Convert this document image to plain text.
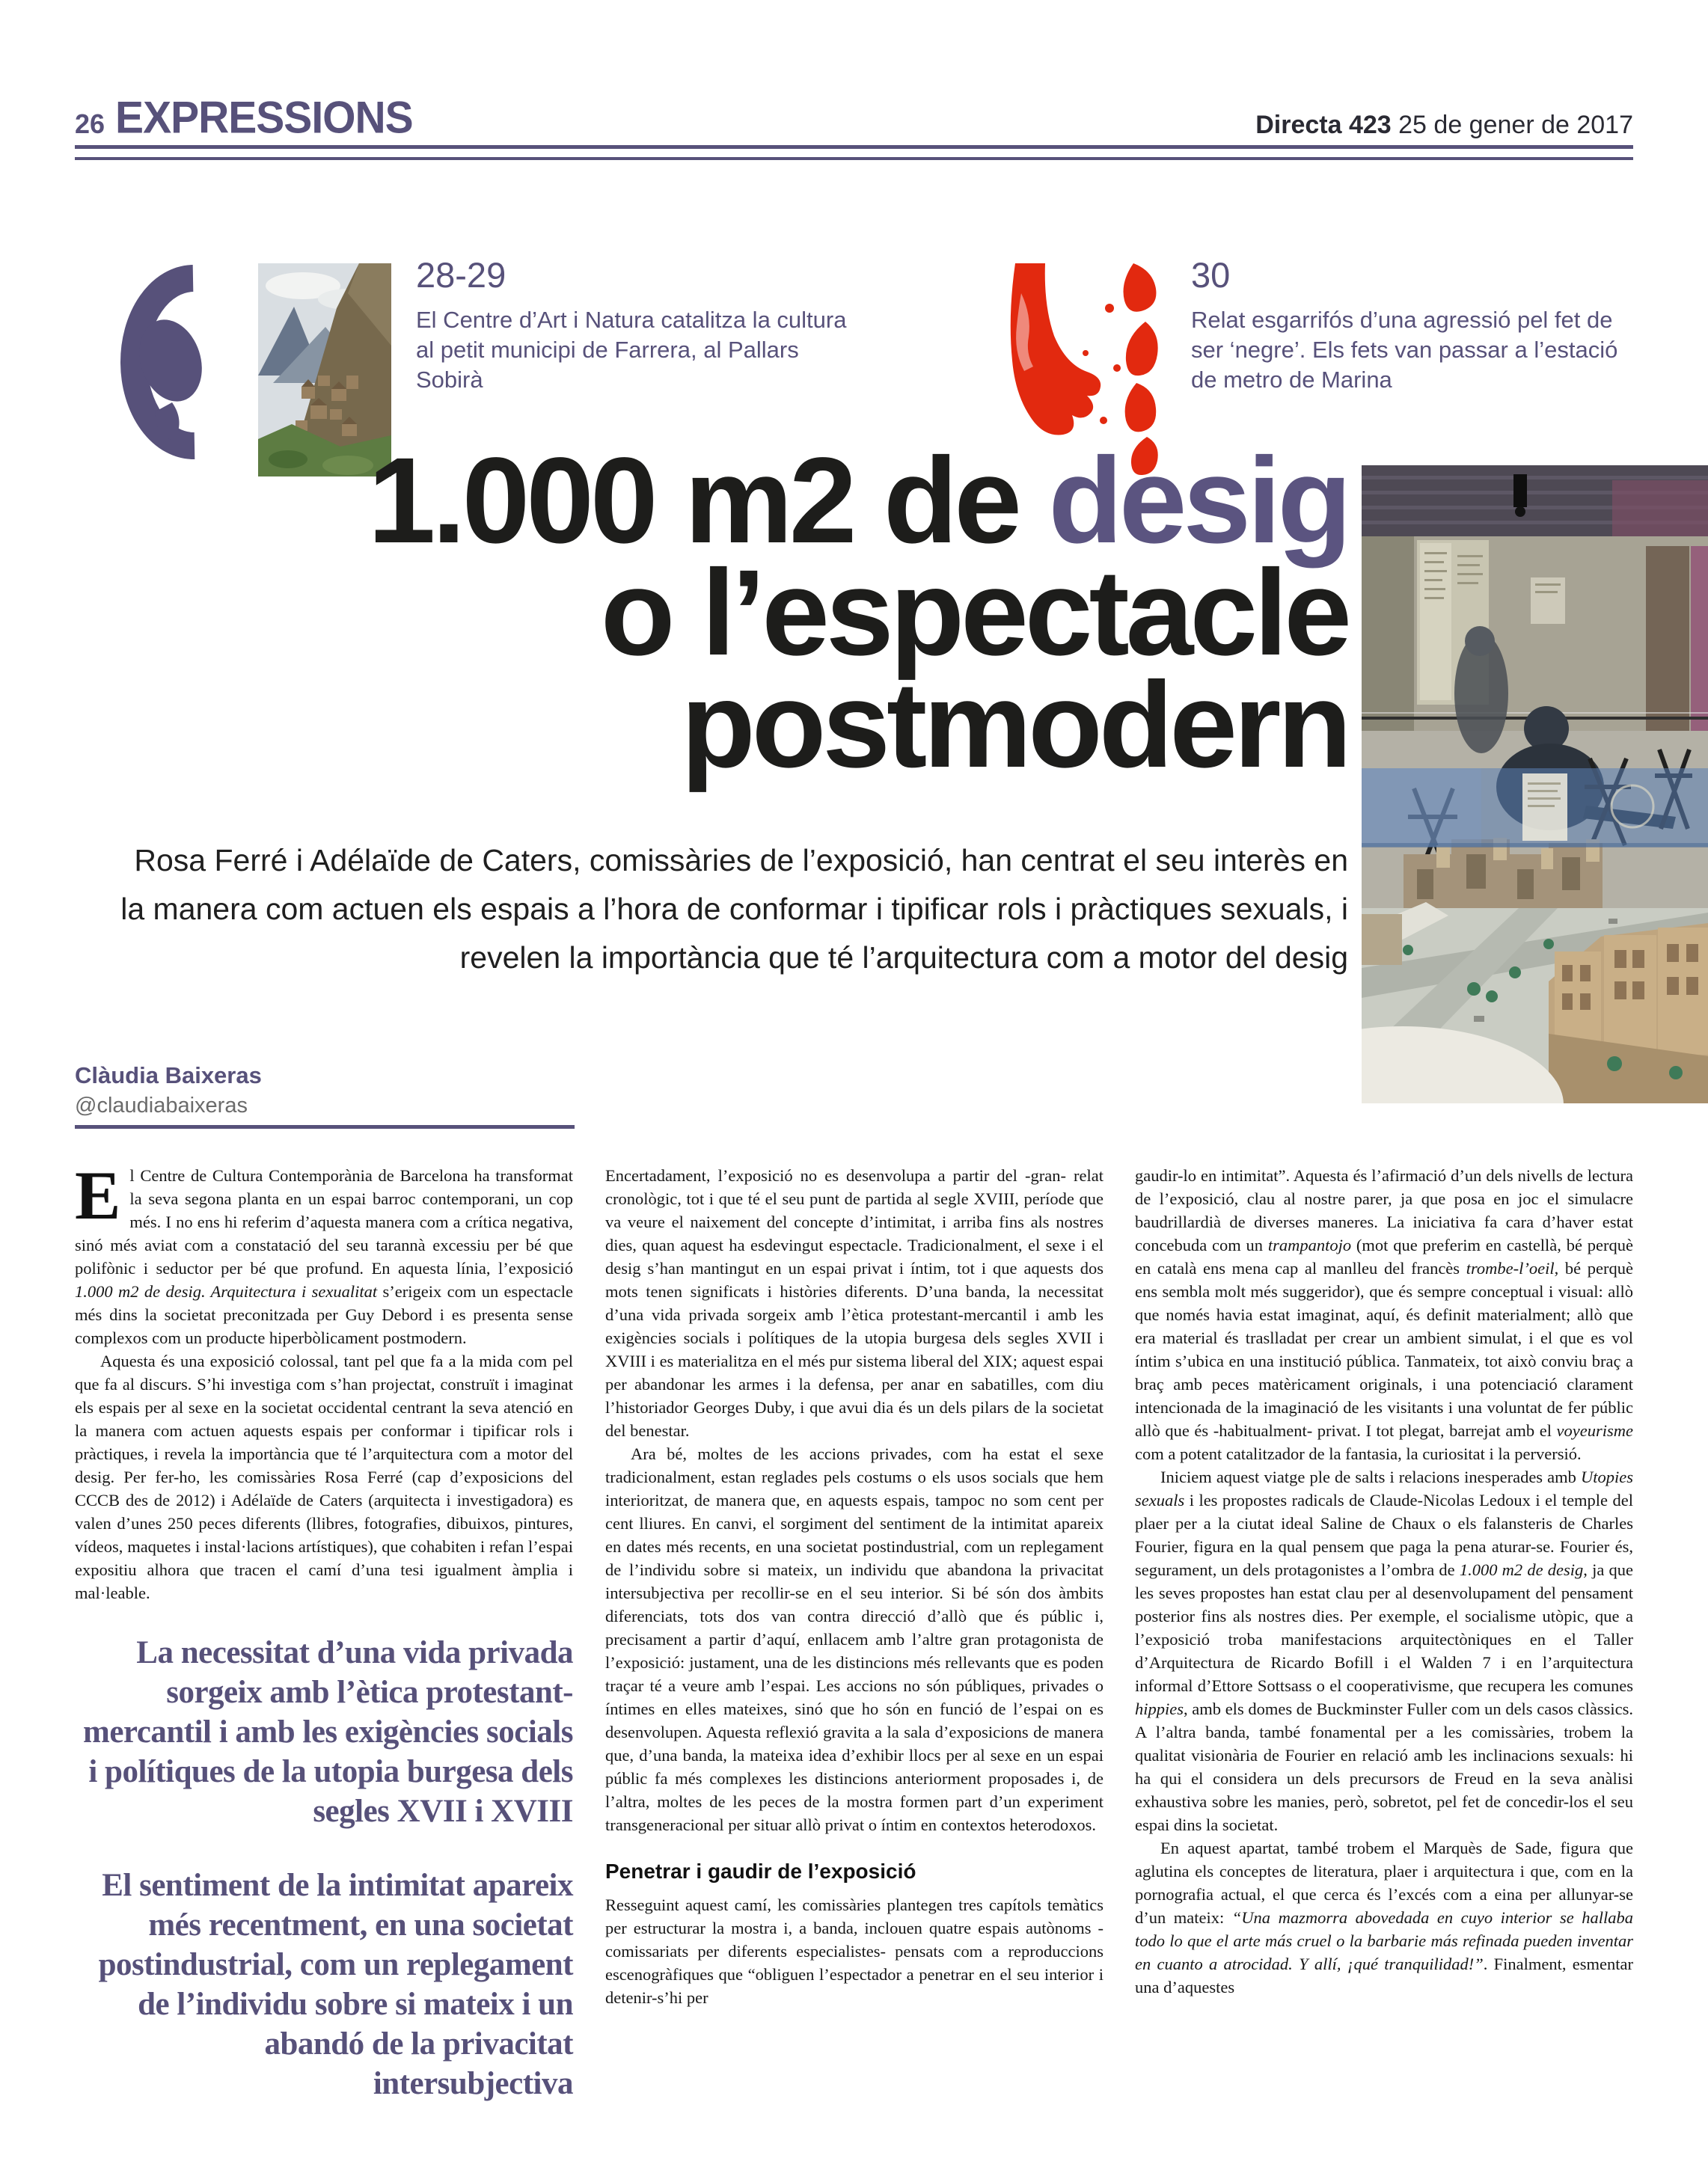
26 EXPRESSIONS	Directa 423 25 de gener de 2017

28-29

El Centre d’Art i Natura catalitza la cultura al petit municipi de Farrera, al Pallars Sobirà

30

Relat esgarrifós d’una agressió pel fet de ser ‘negre’. Els fets van passar a l’estació de metro de Marina

1.000 m2 de desig
o l’espectacle
postmodern

Rosa Ferré i Adélaïde de Caters, comissàries de l’exposició, han centrat el seu interès en la manera com actuen els espais a l’hora de conformar i tipificar rols i pràctiques sexuals, i revelen la importància que té l’arquitectura com a motor del desig

Clàudia Baixeras

@claudiabaixeras

El Centre de Cultura Contemporània de Barcelona ha transformat la seva segona planta en un espai barroc contemporani, un cop més. I no ens hi referim d’aquesta manera com a crítica negativa, sinó més aviat com a constatació del seu tarannà excessiu per bé que polifònic i seductor per bé que profund. En aquesta línia, l’exposició 1.000 m2 de desig. Arquitectura i sexualitat s’erigeix com un espectacle més dins la societat preconitzada per Guy Debord i es presenta sense complexos com un producte hiperbòlicament postmodern.

Aquesta és una exposició colossal, tant pel que fa a la mida com pel que fa al discurs. S’hi investiga com s’han projectat, construït i imaginat els espais per al sexe en la societat occidental centrant la seva atenció en la manera com actuen aquests espais per conformar i tipificar rols i pràctiques, i revela la importància que té l’arquitectura com a motor del desig. Per fer-ho, les comissàries Rosa Ferré (cap d’exposicions del CCCB des de 2012) i Adélaïde de Caters (arquitecta i investigadora) es valen d’unes 250 peces diferents (llibres, fotografies, dibuixos, pintures, vídeos, maquetes i instal·lacions artístiques), que cohabiten i refan l’espai expositiu alhora que tracen el camí d’una tesi igualment àmplia i mal·leable.

La necessitat d’una vida privada sorgeix amb l’ètica protestant-mercantil i amb les exigències socials i polítiques de la utopia burgesa dels segles XVII i XVIII
El sentiment de la intimitat apareix més recentment, en una societat postindustrial, com un replegament de l’individu sobre si mateix i un abandó de la privacitat intersubjectiva

Encertadament, l’exposició no es desenvolupa a partir del -gran- relat cronològic, tot i que té el seu punt de partida al segle XVIII, període que va veure el naixement del concepte d’intimitat, i arriba fins als nostres dies, quan aquest ha esdevingut espectacle. Tradicionalment, el sexe i el desig s’han mantingut en un espai privat i íntim, tot i que aquests dos mots tenen significats i històries diferents. D’una banda, la necessitat d’una vida privada sorgeix amb l’ètica protestant-mercantil i amb les exigències socials i polítiques de la utopia burgesa dels segles XVII i XVIII i es materialitza en el més pur sistema liberal del XIX; aquest espai per abandonar les armes i la defensa, per anar en sabatilles, com diu l’historiador Georges Duby, i que avui dia és un dels pilars de la societat del benestar.

Ara bé, moltes de les accions privades, com ha estat el sexe tradicionalment, estan reglades pels costums o els usos socials que hem interioritzat, de manera que, en aquests espais, tampoc no som cent per cent lliures. En canvi, el sorgiment del sentiment de la intimitat apareix en dates més recents, en una societat postindustrial, com un replegament de l’individu sobre si mateix, un individu que abandona la privacitat intersubjectiva per recollir-se en el seu interior. Si bé són dos àmbits diferenciats, tots dos van contra direcció d’allò que és públic i, precisament a partir d’aquí, enllacem amb l’altre gran protagonista de l’exposició: justament, una de les distincions més rellevants que es poden traçar té a veure amb l’espai. Les accions no són públiques, privades o íntimes en elles mateixes, sinó que ho són en funció de l’espai on es desenvolupen. Aquesta reflexió gravita a la sala d’exposicions de manera que, d’una banda, la mateixa idea d’exhibir llocs per al sexe en un espai públic fa més complexes les distincions anteriorment proposades i, de l’altra, moltes de les peces de la mostra formen part d’un experiment transgeneracional per situar allò privat o íntim en contextos heterodoxos.

Penetrar i gaudir de l’exposició

Resseguint aquest camí, les comissàries plantegen tres capítols temàtics per estructurar la mostra i, a banda, inclouen quatre espais autònoms -comissariats per diferents especialistes- pensats com a reproduccions escenogràfiques que “obliguen l’espectador a penetrar en el seu interior i detenir-s’hi per

gaudir-lo en intimitat”. Aquesta és l’afirmació d’un dels nivells de lectura de l’exposició, clau al nostre parer, ja que posa en joc el simulacre baudrillardià de diverses maneres. La iniciativa fa cara d’haver estat concebuda com un trampantojo (mot que preferim en castellà, bé perquè en català ens mena cap al manlleu del francès trombe-l’oeil, bé perquè ens sembla molt més suggeridor), que és sempre conceptual i visual: allò que només havia estat imaginat, aquí, és definit materialment; allò que era material és traslladat per crear un ambient simulat, i el que es vol íntim s’ubica en una institució pública. Tanmateix, tot això conviu braç a braç amb peces matèricament originals, i una potenciació clarament intencionada de la imaginació de les visitants i una voluntat de fer públic allò que és -habitualment- privat. I tot plegat, barrejat amb el voyeurisme com a potent catalitzador de la fantasia, la curiositat i la perversió.

Iniciem aquest viatge ple de salts i relacions inesperades amb Utopies sexuals i les propostes radicals de Claude-Nicolas Ledoux i el temple del plaer per a la ciutat ideal Saline de Chaux o els falansteris de Charles Fourier, figura en la qual pensem que paga la pena aturar-se. Fourier és, segurament, un dels protagonistes a l’ombra de 1.000 m2 de desig, ja que les seves propostes han estat clau per al desenvolupament del pensament posterior fins als nostres dies. Per exemple, el socialisme utòpic, que a l’exposició troba manifestacions arquitectòniques en el Taller d’Arquitectura de Ricardo Bofill i el Walden 7 i en l’arquitectura informal d’Ettore Sottsass o el cooperativisme, que recupera les comunes hippies, amb els domes de Buckminster Fuller com un dels casos clàssics. A l’altra banda, també fonamental per a les comissàries, trobem la qualitat visionària de Fourier en relació amb les inclinacions sexuals: hi ha qui el considera un dels precursors de Freud en la seva anàlisi exhaustiva sobre les manies, però, sobretot, pel fet de concedir-los el seu espai dins la societat.

En aquest apartat, també trobem el Marquès de Sade, figura que aglutina els conceptes de literatura, plaer i arquitectura i que, com en la pornografia actual, el que cerca és l’excés com a eina per allunyar-se d’un mateix: “Una mazmorra abovedada en cuyo interior se hallaba todo lo que el arte más cruel o la barbarie más refinada pueden inventar en cuanto a atrocidad. Y allí, ¡qué tranquilidad!”. Finalment, esmentar una d’aquestes
